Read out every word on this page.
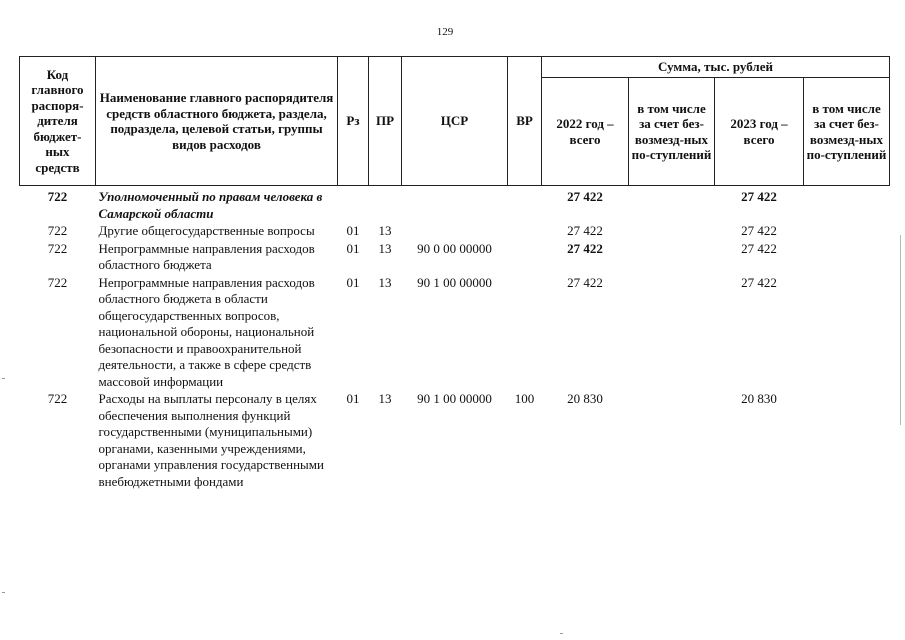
129
Код главного распоря-дителя бюджет-ных средств	Наименование главного распорядителя средств областного бюджета, раздела, подраздела, целевой статьи, группы видов расходов	Рз	ПР	ЦСР	ВР	Сумма, тыс. рублей			
						2022 год – всего	в том числе за счет без-возмезд-ных по-ступлений	2023 год – всего	в том числе за счет без-возмезд-ных по-ступлений
722	Уполномоченный по правам человека в Самарской области					27 422		27 422	
722	Другие общегосударственные вопросы	01	13			27 422		27 422	
722	Непрограммные направления расходов областного бюджета	01	13	90 0 00 00000		27 422		27 422	
722	Непрограммные направления расходов областного бюджета в области общегосударственных вопросов, национальной обороны, национальной безопасности и правоохранительной деятельности, а также в сфере средств массовой информации	01	13	90 1 00 00000		27 422		27 422	
722	Расходы на выплаты персоналу в целях обеспечения выполнения функций государственными (муниципальными) органами, казенными учреждениями, органами управления государственными внебюджетными фондами	01	13	90 1 00 00000	100	20 830		20 830	
